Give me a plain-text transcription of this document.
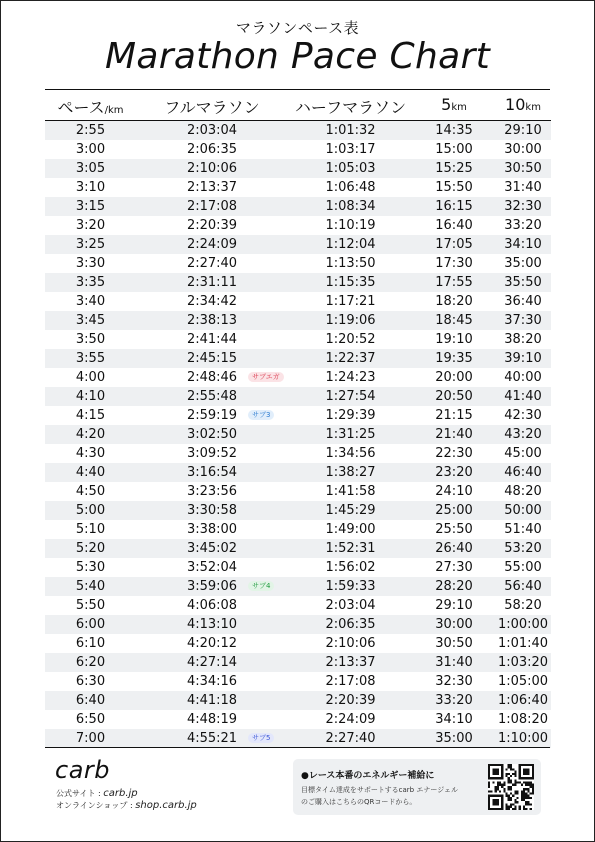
マラソンペース表
Marathon Pace Chart
ペース/km	フルマラソン	ハーフマラソン	5km	10km
2:55	2:03:04	1:01:32	14:35	29:10
3:00	2:06:35	1:03:17	15:00	30:00
3:05	2:10:06	1:05:03	15:25	30:50
3:10	2:13:37	1:06:48	15:50	31:40
3:15	2:17:08	1:08:34	16:15	32:30
3:20	2:20:39	1:10:19	16:40	33:20
3:25	2:24:09	1:12:04	17:05	34:10
3:30	2:27:40	1:13:50	17:30	35:00
3:35	2:31:11	1:15:35	17:55	35:50
3:40	2:34:42	1:17:21	18:20	36:40
3:45	2:38:13	1:19:06	18:45	37:30
3:50	2:41:44	1:20:52	19:10	38:20
3:55	2:45:15	1:22:37	19:35	39:10
4:00	2:48:46	1:24:23	20:00	40:00
サブエガ
4:10	2:55:48	1:27:54	20:50	41:40
4:15	2:59:19	1:29:39	21:15	42:30
サブ3
4:20	3:02:50	1:31:25	21:40	43:20
4:30	3:09:52	1:34:56	22:30	45:00
4:40	3:16:54	1:38:27	23:20	46:40
4:50	3:23:56	1:41:58	24:10	48:20
5:00	3:30:58	1:45:29	25:00	50:00
5:10	3:38:00	1:49:00	25:50	51:40
5:20	3:45:02	1:52:31	26:40	53:20
5:30	3:52:04	1:56:02	27:30	55:00
5:40	3:59:06	1:59:33	28:20	56:40
サブ4
5:50	4:06:08	2:03:04	29:10	58:20
6:00	4:13:10	2:06:35	30:00	1:00:00
6:10	4:20:12	2:10:06	30:50	1:01:40
6:20	4:27:14	2:13:37	31:40	1:03:20
6:30	4:34:16	2:17:08	32:30	1:05:00
6:40	4:41:18	2:20:39	33:20	1:06:40
6:50	4:48:19	2:24:09	34:10	1:08:20
7:00	4:55:21	2:27:40	35:00	1:10:00
サブ5
carb
公式サイト : carb.jp
オンラインショップ : shop.carb.jp
●レース本番のエネルギー補給に
目標タイム達成をサポートするcarb エナージェル
のご購入はこちらのQRコードから。
